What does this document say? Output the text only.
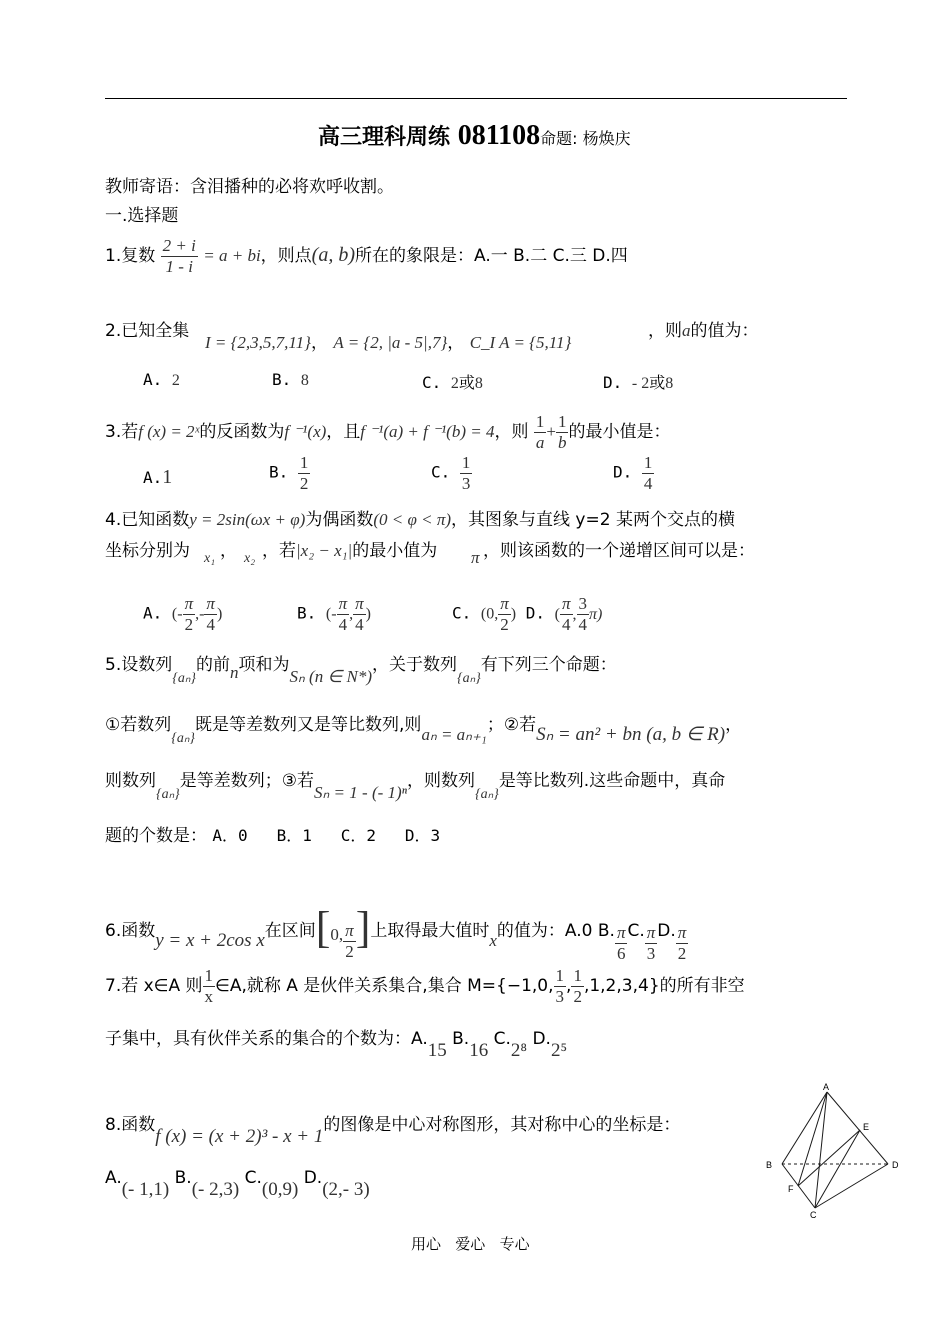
高三理科周练 081108命题: 杨焕庆
教师寄语：含泪播种的必将欢呼收割。
一.选择题
1.复数 $\frac{2 + i}{1 - i} = a$ + bi，则点(a, b)所在的象限是：A.一 B.二 C.三 D.四
2.已知全集
I = {2,3,5,7,11}， A = {2, |a - 5|,7}， C_I A = {5,11}
，则a的值为：
A. 2	B. 8	C. 2或8	D. - 2或8
3.若f (x) = 2ˣ的反函数为f ⁻¹(x)，且f ⁻¹(a) + f ⁻¹(b) = 4，则 $\frac{1}{a} + \frac{1}{b}$ 的最小值是：
A.1	B. $\frac{1}{2}$	C. $\frac{1}{3}$	D. $\frac{1}{4}$
4.已知函数y = 2sin(ωx + φ)为偶函数(0 < φ < π)，其图象与直线 y=2 某两个交点的横
坐标分别为 x₁ ， x₂ ，若|x₂ − x₁|的最小值为 π ，则该函数的一个递增区间可以是：
A. (- $\frac{\pi}{2}$ ,- $\frac{\pi}{4}$ )	B. (- $\frac{\pi}{4}$ , $\frac{\pi}{4}$ )	C. (0, $\frac{\pi}{2}$ ) D. ( $\frac{\pi}{4}$ , $\frac{3}{4} \pi$)
5.设数列$_{\{a_n\}}$的前n项和为Sₙ (n ∈ N*)，关于数列$_{\{a_n\}}$有下列三个命题：
①若数列$_{\{a_n\}}$既是等差数列又是等比数列,则aₙ = aₙ₊₁；②若Sₙ = an² + bn (a, b ∈ R)，
则数列$_{\{a_n\}}$是等差数列；③若Sₙ = 1 - (- 1)ⁿ，则数列$_{\{a_n\}}$是等比数列.这些命题中，真命
题的个数是： A．0   B．1   C．2   D．3
6.函数y = x + 2cos x在区间[0, $\frac{\pi}{2}$ ]上取得最大值时x的值为：A.0 B. $\frac{\pi}{6} C$. $\frac{\pi}{3} D$. $\frac{\pi}{2}$
7.若 x∈A 则 $\frac{1}{x}$ ∈A,就称 A 是伙伴关系集合,集合 M={−1,0, $\frac{1}{3}$ , $\frac{1}{2} ,1,2,3,4$}的所有非空
子集中，具有伙伴关系的集合的个数为：A.15 B.16 C.2⁸ D.2⁵
8.函数f (x) = (x + 2)³ - x + 1的图像是中心对称图形，其对称中心的坐标是：
A.(- 1,1) B.(- 2,3) C.(0,9) D.(2,- 3)
A
B
C
D
E
F
用心   爱心   专心
